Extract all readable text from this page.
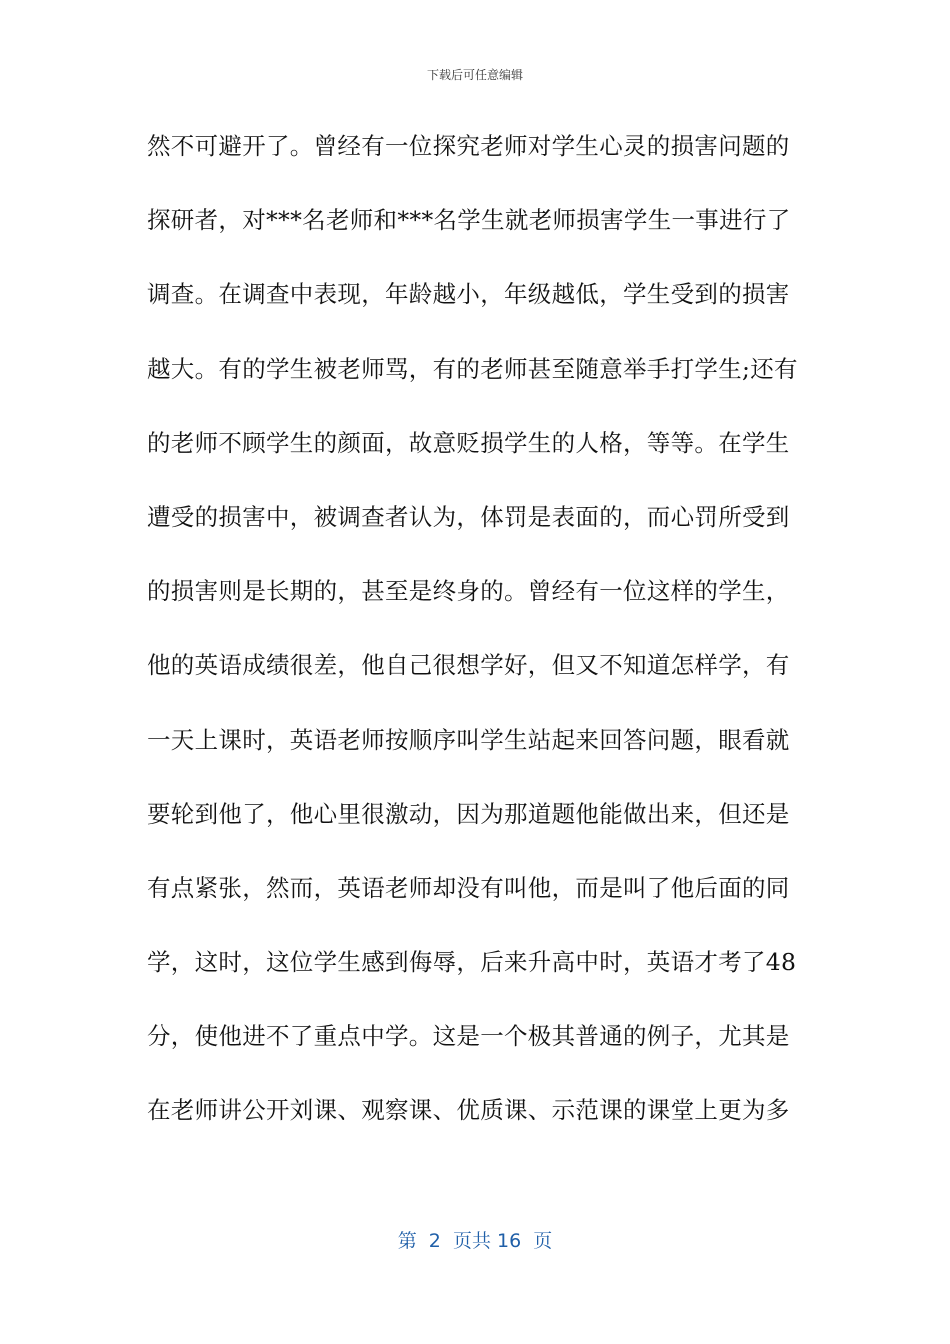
下载后可任意编辑
然不可避开了。曾经有一位探究老师对学生心灵的损害问题的
探研者，对***名老师和***名学生就老师损害学生一事进行了
调查。在调查中表现，年龄越小，年级越低，学生受到的损害
越大。有的学生被老师骂，有的老师甚至随意举手打学生;还有
的老师不顾学生的颜面，故意贬损学生的人格，等等。在学生
遭受的损害中，被调查者认为，体罚是表面的，而心罚所受到
的损害则是长期的，甚至是终身的。曾经有一位这样的学生，
他的英语成绩很差，他自己很想学好，但又不知道怎样学，有
一天上课时，英语老师按顺序叫学生站起来回答问题，眼看就
要轮到他了，他心里很激动，因为那道题他能做出来，但还是
有点紧张，然而，英语老师却没有叫他，而是叫了他后面的同
学，这时，这位学生感到侮辱，后来升高中时，英语才考了48
分，使他进不了重点中学。这是一个极其普通的例子，尤其是
在老师讲公开刘课、观察课、优质课、示范课的课堂上更为多
第  2  页共 16  页
